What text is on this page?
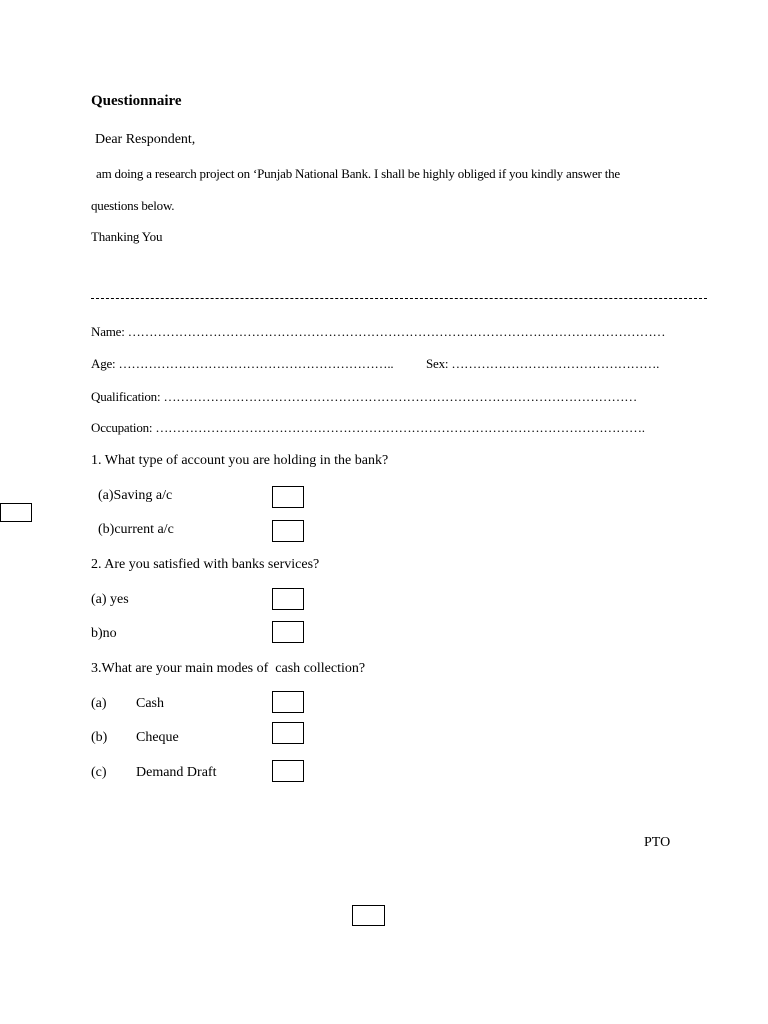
Questionnaire
Dear Respondent,
am doing a research project on ‘Punjab National Bank. I shall be highly obliged if you kindly answer the
questions below.
Thanking You
Name: ………………………………………………………………………………………………………………
Age: ………………………………………………………..	Sex: ………………………………………….
Qualification: …………………………………………………………………………………………………
Occupation: …………………………………………………………………………………………………….
1. What type of account you are holding in the bank?
(a)Saving a/c
(b)current a/c
2. Are you satisfied with banks services?
(a) yes
b)no
3.What are your main modes of  cash collection?
(a) Cash
(b) Cheque
(c) Demand Draft
PTO
